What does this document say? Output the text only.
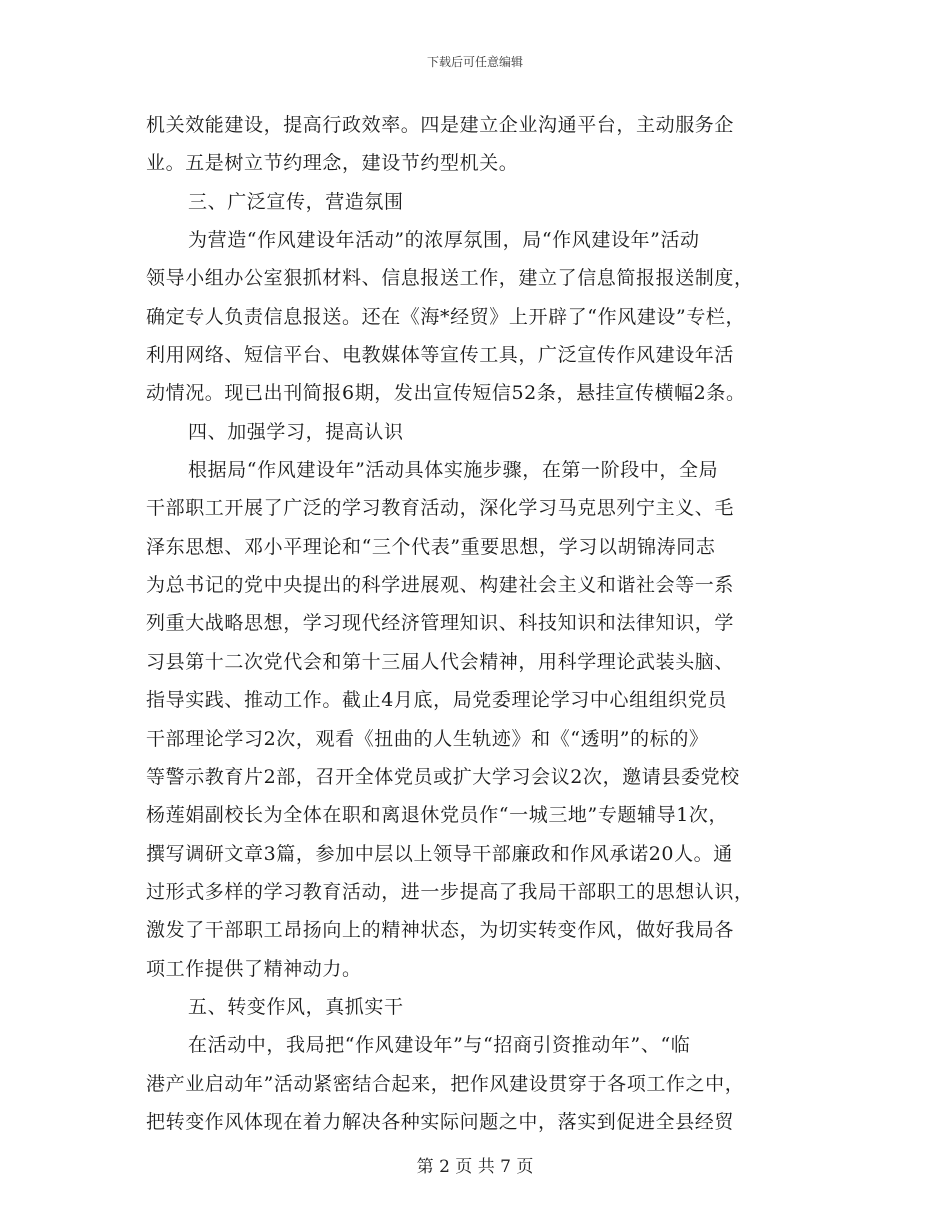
下载后可任意编辑
机关效能建设，提高行政效率。四是建立企业沟通平台，主动服务企
业。五是树立节约理念，建设节约型机关。
三、广泛宣传，营造氛围
为营造“作风建设年活动”的浓厚氛围，局“作风建设年”活动
领导小组办公室狠抓材料、信息报送工作，建立了信息简报报送制度，
确定专人负责信息报送。还在《海*经贸》上开辟了“作风建设”专栏，
利用网络、短信平台、电教媒体等宣传工具，广泛宣传作风建设年活
动情况。现已出刊简报6期，发出宣传短信52条，悬挂宣传横幅2条。
四、加强学习，提高认识
根据局“作风建设年”活动具体实施步骤，在第一阶段中，全局
干部职工开展了广泛的学习教育活动，深化学习马克思列宁主义、毛
泽东思想、邓小平理论和“三个代表”重要思想，学习以胡锦涛同志
为总书记的党中央提出的科学进展观、构建社会主义和谐社会等一系
列重大战略思想，学习现代经济管理知识、科技知识和法律知识，学
习县第十二次党代会和第十三届人代会精神，用科学理论武装头脑、
指导实践、推动工作。截止4月底，局党委理论学习中心组组织党员
干部理论学习2次，观看《扭曲的人生轨迹》和《“透明”的标的》
等警示教育片2部，召开全体党员或扩大学习会议2次，邀请县委党校
杨莲娟副校长为全体在职和离退休党员作“一城三地”专题辅导1次，
撰写调研文章3篇，参加中层以上领导干部廉政和作风承诺20人。通
过形式多样的学习教育活动，进一步提高了我局干部职工的思想认识，
激发了干部职工昂扬向上的精神状态，为切实转变作风，做好我局各
项工作提供了精神动力。
五、转变作风，真抓实干
在活动中，我局把“作风建设年”与“招商引资推动年”、“临
港产业启动年”活动紧密结合起来，把作风建设贯穿于各项工作之中，
把转变作风体现在着力解决各种实际问题之中，落实到促进全县经贸
第 2 页 共 7 页
